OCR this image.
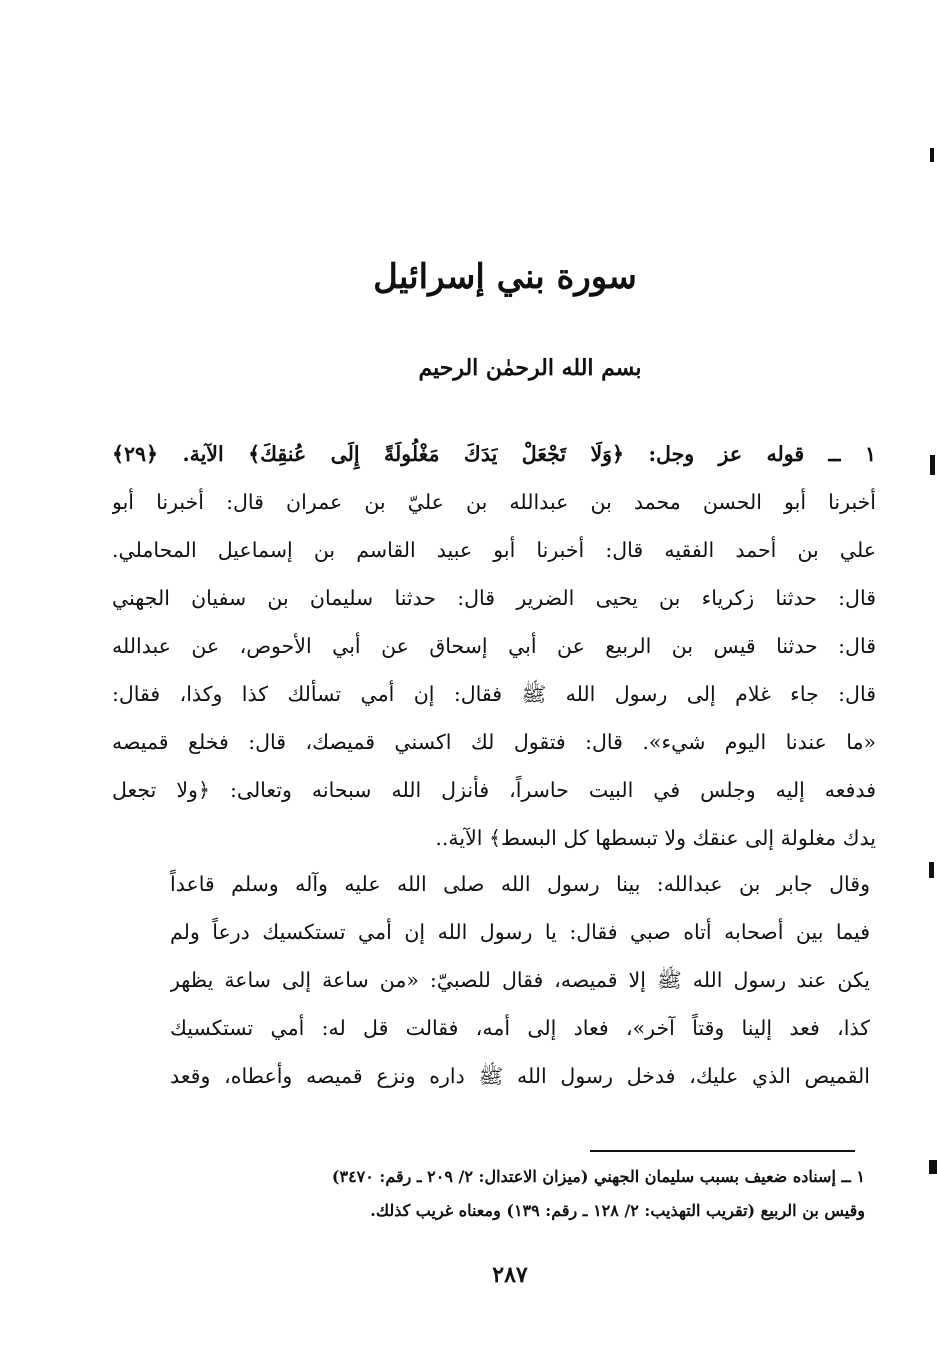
سورة بني إسرائيل
بسم الله الرحمٰن الرحيم
١ ــ قوله عز وجل: ﴿وَلَا تَجْعَلْ يَدَكَ مَغْلُولَةً إِلَى عُنقِكَ﴾ الآية. ﴿٢٩﴾
أخبرنا أبو الحسن محمد بن عبدالله بن عليّ بن عمران قال: أخبرنا أبو
علي بن أحمد الفقيه قال: أخبرنا أبو عبيد القاسم بن إسماعيل المحاملي.
قال: حدثنا زكرياء بن يحيى الضرير قال: حدثنا سليمان بن سفيان الجهني
قال: حدثنا قيس بن الربيع عن أبي إسحاق عن أبي الأحوص، عن عبدالله
قال: جاء غلام إلى رسول الله ﷺ فقال: إن أمي تسألك كذا وكذا، فقال:
«ما عندنا اليوم شيء». قال: فتقول لك اكسني قميصك، قال: فخلع قميصه
فدفعه إليه وجلس في البيت حاسراً، فأنزل الله سبحانه وتعالى: ﴿ولا تجعل
يدك مغلولة إلى عنقك ولا تبسطها كل البسط﴾ الآية..
وقال جابر بن عبدالله: بينا رسول الله صلى الله عليه وآله وسلم قاعداً
فيما بين أصحابه أتاه صبي فقال: يا رسول الله إن أمي تستكسيك درعاً ولم
يكن عند رسول الله ﷺ إلا قميصه، فقال للصبيّ: «من ساعة إلى ساعة يظهر
كذا، فعد إلينا وقتاً آخر»، فعاد إلى أمه، فقالت قل له: أمي تستكسيك
القميص الذي عليك، فدخل رسول الله ﷺ داره ونزع قميصه وأعطاه، وقعد
١ ــ إسناده ضعيف بسبب سليمان الجهني (ميزان الاعتدال: ٢/ ٢٠٩ ـ رقم: ٣٤٧٠)
وقيس بن الربيع (تقريب التهذيب: ٢/ ١٢٨ ـ رقم: ١٣٩) ومعناه غريب كذلك.
٢٨٧
